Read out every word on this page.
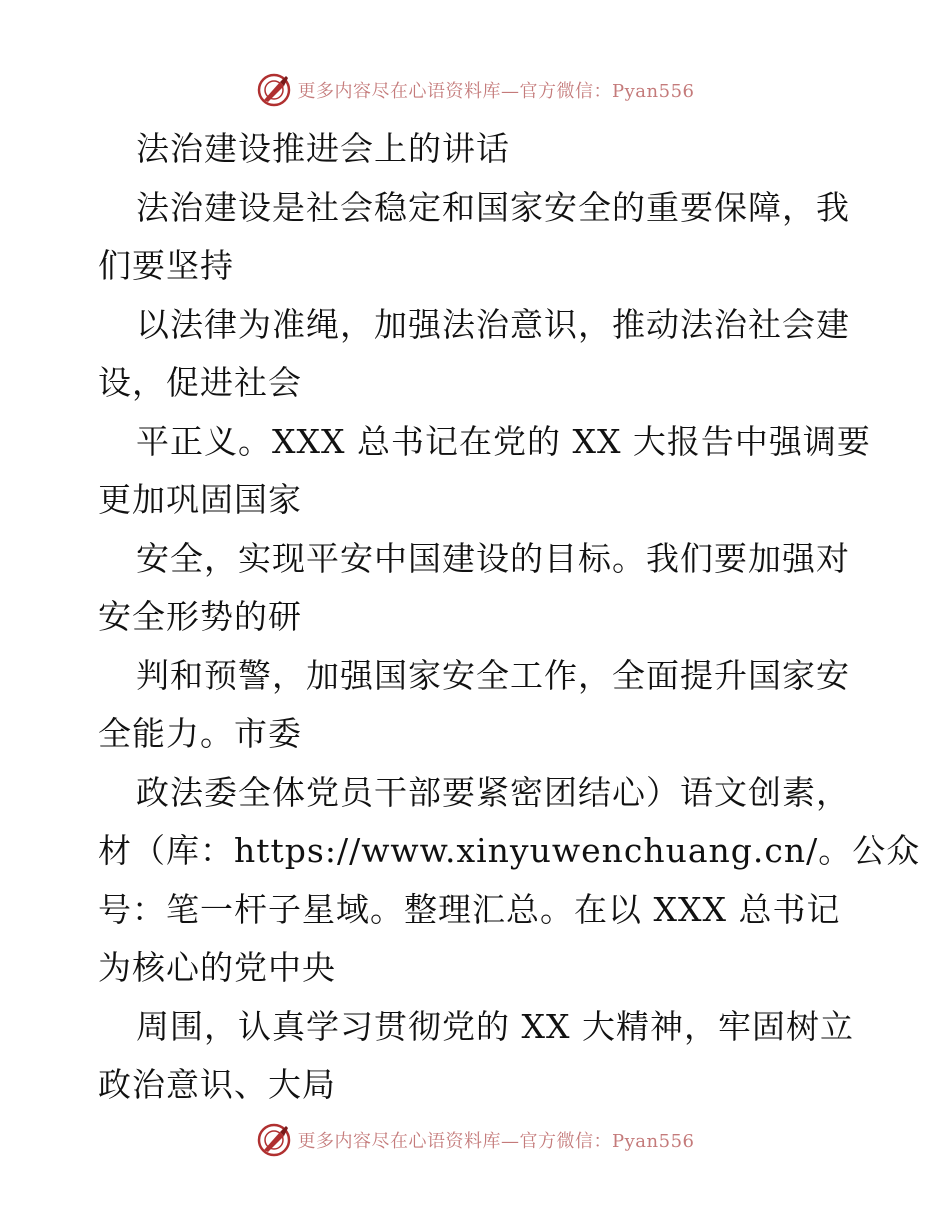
更多内容尽在心语资料库—官方微信：Pyan556
法治建设推进会上的讲话
法治建设是社会稳定和国家安全的重要保障，我
们要坚持
以法律为准绳，加强法治意识，推动法治社会建
设，促进社会
平正义。XXX 总书记在党的 XX 大报告中强调要
更加巩固国家
安全，实现平安中国建设的目标。我们要加强对
安全形势的研
判和预警，加强国家安全工作，全面提升国家安
全能力。市委
政法委全体党员干部要紧密团结心）语文创素，
材（库：https://www.xinyuwenchuang.cn/。公众
号：笔一杆子星域。整理汇总。在以 XXX 总书记
为核心的党中央
周围，认真学习贯彻党的 XX 大精神，牢固树立
政治意识、大局
更多内容尽在心语资料库—官方微信：Pyan556
